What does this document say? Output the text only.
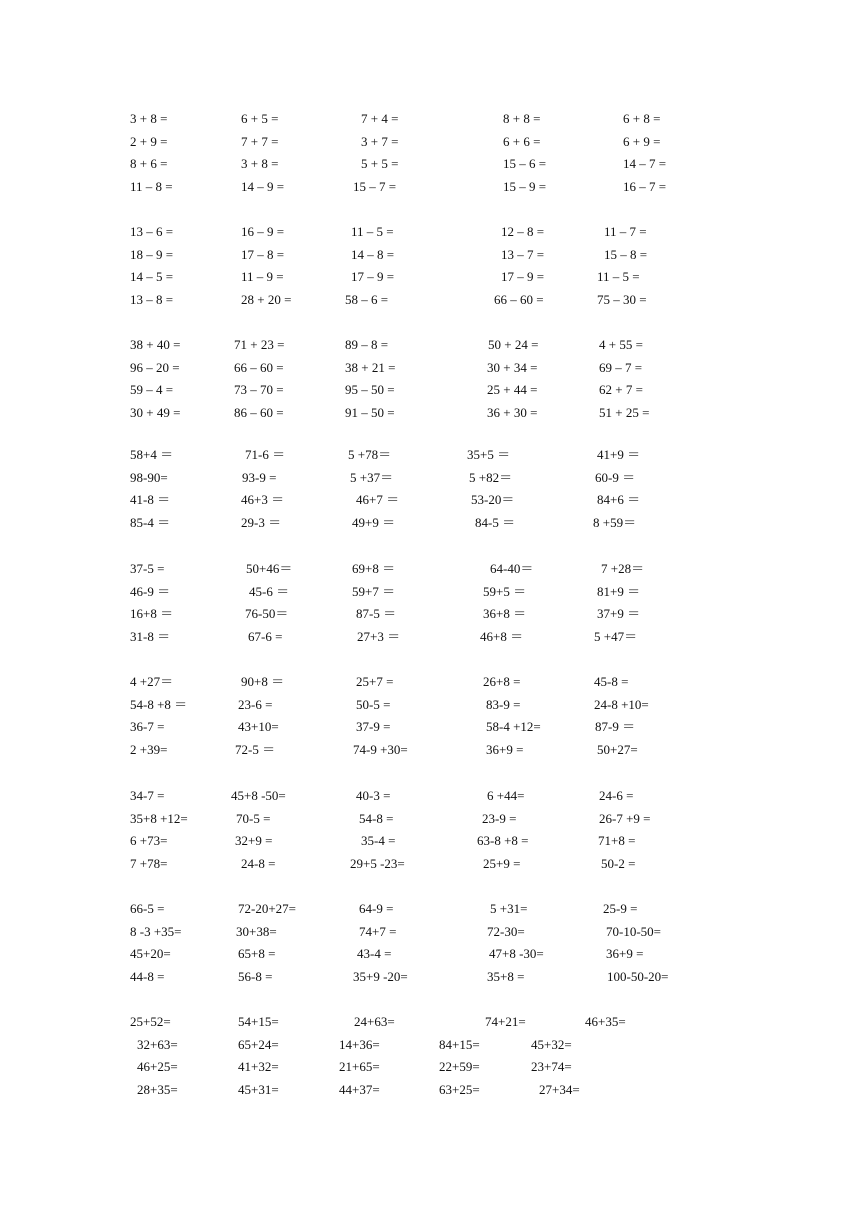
3 + 8 =	6 + 5 =	7 + 4 =	8 + 8 =	6 + 8 =
2 + 9 =	7 + 7 =	3 + 7 =	6 + 6 =	6 + 9 =
8 + 6 =	3 + 8 =	5 + 5 =	15 – 6 =	14 – 7 =
11 – 8 =	14 – 9 =	15 – 7 =	15 – 9 =	16 – 7 =
13 – 6 =	16 – 9 =	11 – 5 =	12 – 8 =	11 – 7 =
18 – 9 =	17 – 8 =	14 – 8 =	13 – 7 =	15 – 8 =
14 – 5 =	11 – 9 =	17 – 9 =	17 – 9 =	11 – 5 =
13 – 8 =	28 + 20 =	58 – 6 =	66 – 60 =	75 – 30 =
38 + 40 =	71 + 23 =	89 – 8 =	50 + 24 =	4 + 55 =
96 – 20 =	66 – 60 =	38 + 21 =	30 + 34 =	69 – 7 =
59 – 4 =	73 – 70 =	95 – 50 =	25 + 44 =	62 + 7 =
30 + 49 =	86 – 60 =	91 – 50 =	36 + 30 =	51 + 25 =
58+4 ＝	71-6 ＝	5 +78＝	35+5 ＝	41+9 ＝
98-90=	93-9 =	5 +37＝	5 +82＝	60-9 ＝
41-8 ＝	46+3 ＝	46+7 ＝	53-20＝	84+6 ＝
85-4 ＝	29-3 ＝	49+9 ＝	84-5 ＝	8 +59＝
37-5 =	50+46＝	69+8 ＝	64-40＝	7 +28＝
46-9 ＝	45-6 ＝	59+7 ＝	59+5 ＝	81+9 ＝
16+8 ＝	76-50＝	87-5 ＝	36+8 ＝	37+9 ＝
31-8 ＝	67-6 =	27+3 ＝	46+8 ＝	5 +47＝
4 +27＝	90+8 ＝	25+7 =	26+8 =	45-8 =
54-8 +8 ＝	23-6 =	50-5 =	83-9 =	24-8 +10=
36-7 =	43+10=	37-9 =	58-4 +12=	87-9 ＝
2 +39=	72-5 ＝	74-9 +30=	36+9 =	50+27=
34-7 =	45+8 -50=	40-3 =	6 +44=	24-6 =
35+8 +12=	70-5 =	54-8 =	23-9 =	26-7 +9 =
6 +73=	32+9 =	35-4 =	63-8 +8 =	71+8 =
7 +78=	24-8 =	29+5 -23=	25+9 =	50-2 =
66-5 =	72-20+27=	64-9 =	5 +31=	25-9 =
8 -3 +35=	30+38=	74+7 =	72-30=	70-10-50=
45+20=	65+8 =	43-4 =	47+8 -30=	36+9 =
44-8 =	56-8 =	35+9 -20=	35+8 =	100-50-20=
25+52=	54+15=	24+63=	74+21=	46+35=
32+63=	65+24=	14+36=	84+15=	45+32=
46+25=	41+32=	21+65=	22+59=	23+74=
28+35=	45+31=	44+37=	63+25=	27+34=
